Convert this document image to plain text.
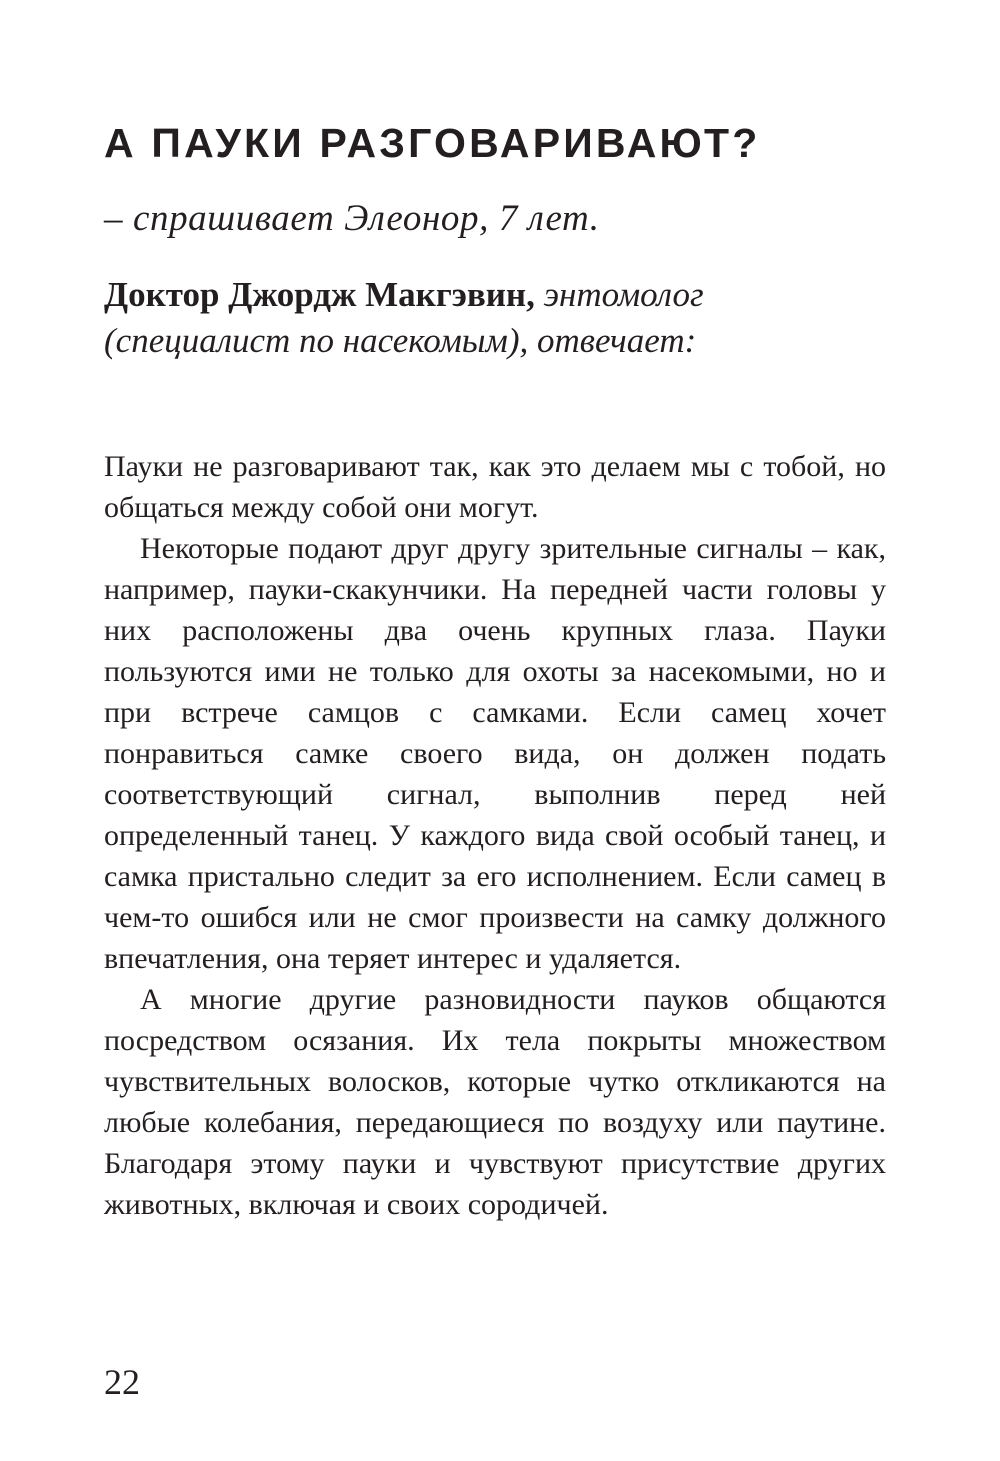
А ПАУКИ РАЗГОВАРИВАЮТ?

– спрашивает Элеонор, 7 лет.

Доктор Джордж Макгэвин, энтомолог (специалист по насекомым), отвечает:

Пауки не разговаривают так, как это делаем мы с тобой, но общаться между собой они могут.

Некоторые подают друг другу зрительные сигналы – как, например, пауки-скакунчики. На передней части головы у них расположены два очень крупных глаза. Пауки пользуются ими не только для охоты за насекомыми, но и при встрече самцов с самками. Если самец хочет понравиться самке своего вида, он должен подать соответствующий сигнал, выполнив перед ней определенный танец. У каждого вида свой особый танец, и самка пристально следит за его исполнением. Если самец в чем-то ошибся или не смог произвести на самку должного впечатления, она теряет интерес и удаляется.

А многие другие разновидности пауков общаются посредством осязания. Их тела покрыты множеством чувствительных волосков, которые чутко откликаются на любые колебания, передающиеся по воздуху или паутине. Благодаря этому пауки и чувствуют присутствие других животных, включая и своих сородичей.

22
